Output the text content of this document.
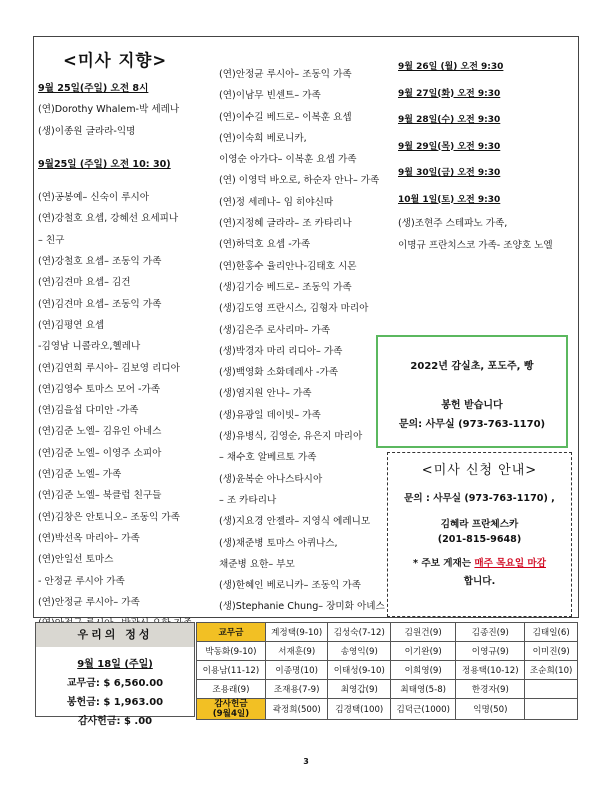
<미사 지향>
9월 25일(주일) 오전 8시
(연)Dorothy Whalem-박 세레나
(생)이종원 글라라-익명
9월25일 (주일) 오전 10: 30)
(연)공봉예– 신숙이 루시아
(연)강철호 요셉, 강혜선 요세피나
– 친구
(연)강철호 요셉– 조동익 가족
(연)김견마 요셉– 김건
(연)김견마 요셉– 조동익 가족
(연)김평연 요셉
-김영남 니콜라오,헬레나
(연)김연희 루시아– 김보영 리디아
(연)김영수 토마스 모어 -가족
(연)김을섭 다미안 -가족
(연)김준 노엘– 김유인 아네스
(연)김준 노엘– 이영주 소피아
(연)김준 노엘– 가족
(연)김준 노엘– 북클럽 친구들
(연)김창은 안토니오– 조동익 가족
(연)박선옥 마리아– 가족
(연)안일선 토마스
- 안정균 루시아 가족
(연)안정균 루시아– 가족
(연)안정균 루시아– 조동익 가족
(연)이남무 빈센트– 가족
(연)이수길 베드로– 이복훈 요셉
(연)이숙희 베로니카,
이영순 아가다– 이복훈 요셉 가족
(연) 이영덕 바오로, 하순자 안나– 가족
(연)정 세레나– 임 히야신따
(연)지정혜 글라라– 조 카타리나
(연)하덕호 요셉 -가족
(연)한홍수 율리안나-김태호 시몬
(생)김기승 베드로– 조동익 가족
(생)김도영 프란시스, 김형자 마리아
(생)김은주 로사리마– 가족
(생)박경자 마리 리디아– 가족
(생)백영화 소화데레사 -가족
(생)염지원 안나– 가족
(생)유광일 데이빗– 가족
(생)유병식, 김영순, 유은지 마리아
– 채수호 알베르토 가족
(생)윤복순 아나스타시아
– 조 카타리나
(생)지요경 안젤라– 지영식 에레니모
(생)채준병 토마스 아퀴나스,
채준병 요한– 부모
(생)한혜인 베로니카– 조동익 가족
(생)Stephanie Chung– 장미화 아녜스
9월 26일 (월) 오전 9:30
9월 27일(화) 오전 9:30
9월 28일(수) 오전 9:30
9월 29일(목) 오전 9:30
9월 30일(금) 오전 9:30
10월 1일(토) 오전 9:30
(생)조현주 스테파노 가족,
이명규 프란치스코 가족- 조양호 노엘
2022년 감실초, 포도주, 빵
봉헌 받습니다
문의: 사무실 (973-763-1170)
<미사 신청 안내>
문의 : 사무실 (973-763-1170) ,
김혜라 프란체스카
(201-815-9648)
* 주보 게재는 매주 목요일 마감
합니다.
우리의 정성
9월 18일 (주일)
교무금: $ 6,560.00
봉헌금: $ 1,963.00
감사헌금: $ .00
교무금	계정택(9-10)	김성숙(7-12)	김원건(9)	김종진(9)	김태일(6)
박동화(9-10)	서재훈(9)	송영익(9)	이기완(9)	이영규(9)	이미진(9)
이용남(11-12)	이종명(10)	이태성(9-10)	이희영(9)	정용택(10-12)	조순희(10)
조용래(9)	조재용(7-9)	최영갑(9)	최태영(5-8)	한경자(9)	
감사헌금
(9월4일)	곽정희(500)	김경택(100)	김덕근(1000)	익명(50)	
3
